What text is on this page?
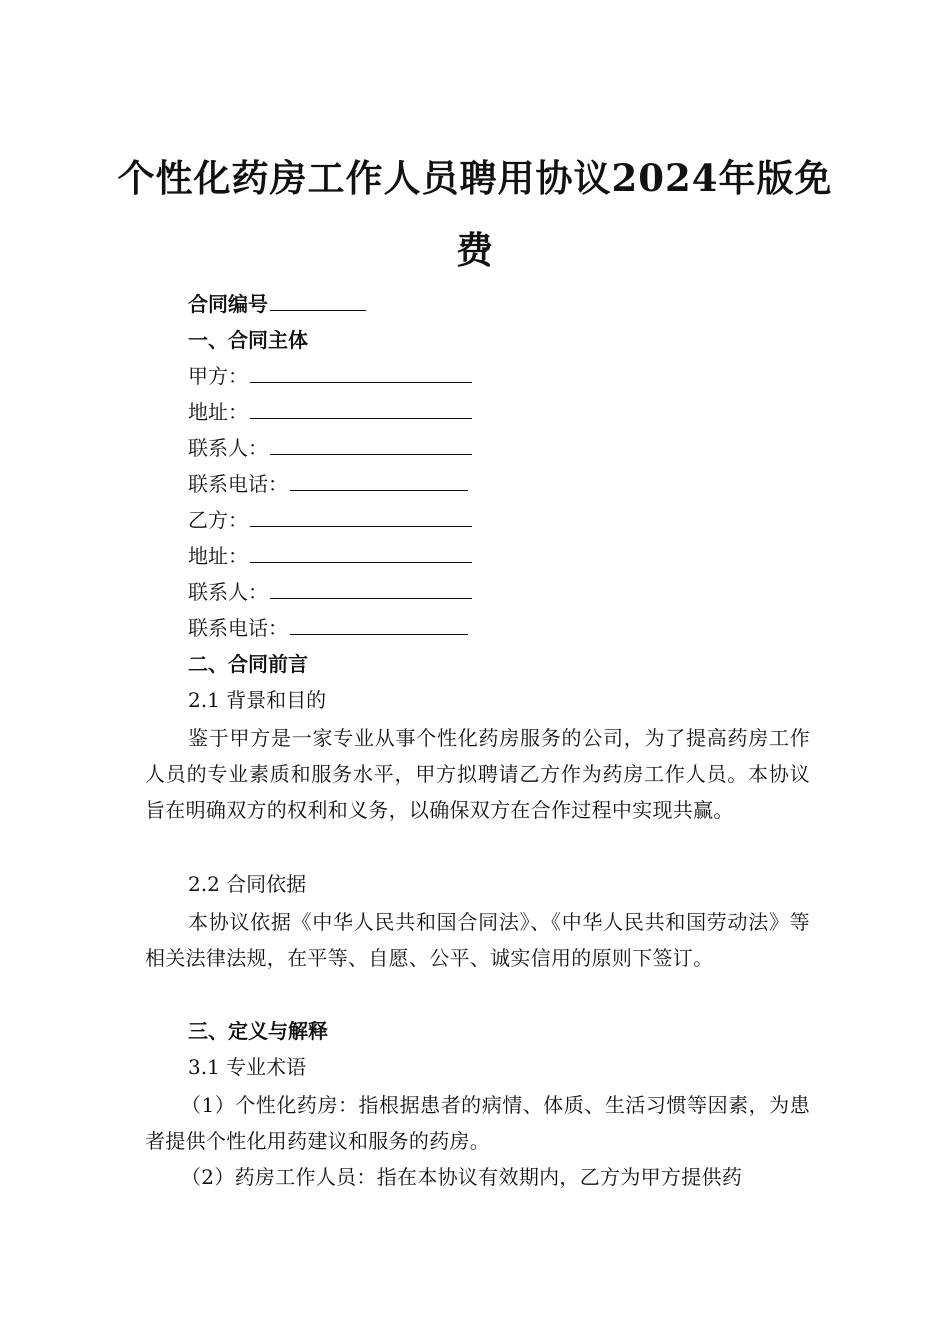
个性化药房工作人员聘用协议2024年版免
费

合同编号

一、合同主体

甲方：

地址：

联系人：

联系电话：

乙方：

地址：

联系人：

联系电话：

二、合同前言

2.1 背景和目的

鉴于甲方是一家专业从事个性化药房服务的公司，为了提高药房工作人员的专业素质和服务水平，甲方拟聘请乙方作为药房工作人员。本协议旨在明确双方的权利和义务，以确保双方在合作过程中实现共赢。

2.2 合同依据

本协议依据《中华人民共和国合同法》、《中华人民共和国劳动法》等相关法律法规，在平等、自愿、公平、诚实信用的原则下签订。

三、定义与解释

3.1 专业术语

（1）个性化药房：指根据患者的病情、体质、生活习惯等因素，为患者提供个性化用药建议和服务的药房。

（2）药房工作人员：指在本协议有效期内，乙方为甲方提供药
